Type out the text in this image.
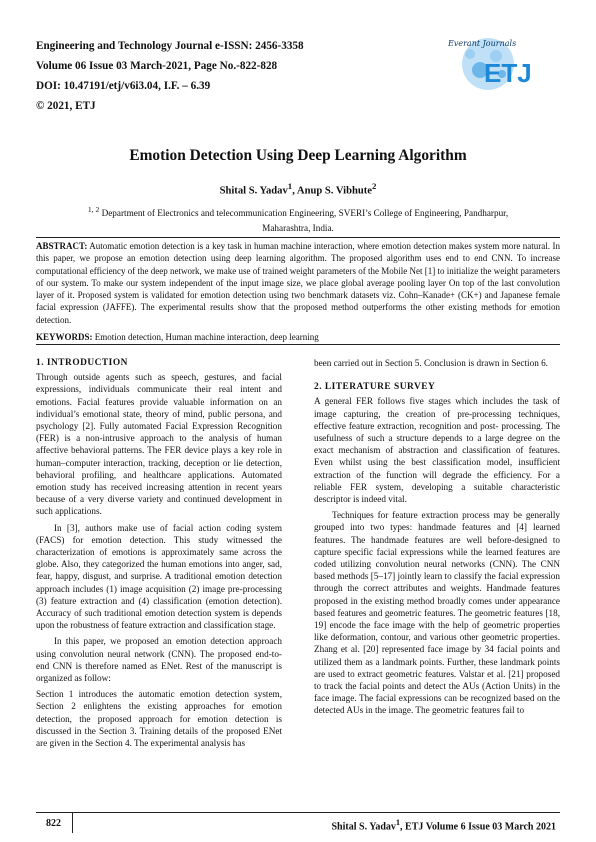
Engineering and Technology Journal e-ISSN: 2456-3358
Volume 06 Issue 03 March-2021, Page No.-822-828
DOI: 10.47191/etj/v6i3.04, I.F. – 6.39
© 2021, ETJ
Everant Journals
ETJ
Emotion Detection Using Deep Learning Algorithm
Shital S. Yadav$^1$, Anup S. Vibhute$^2$
$^{1, 2}$ Department of Electronics and telecommunication Engineering, SVERI’s College of Engineering, Pandharpur, Maharashtra, India.
ABSTRACT: Automatic emotion detection is a key task in human machine interaction, where emotion detection makes system more natural. In this paper, we propose an emotion detection using deep learning algorithm. The proposed algorithm uses end to end CNN. To increase computational efficiency of the deep network, we make use of trained weight parameters of the Mobile Net [1] to initialize the weight parameters of our system. To make our system independent of the input image size, we place global average pooling layer On top of the last convolution layer of it. Proposed system is validated for emotion detection using two benchmark datasets viz. Cohn–Kanade+ (CK+) and Japanese female facial expression (JAFFE). The experimental results show that the proposed method outperforms the other existing methods for emotion detection.
KEYWORDS: Emotion detection, Human machine interaction, deep learning
1. INTRODUCTION

Through outside agents such as speech, gestures, and facial expressions, individuals communicate their real intent and emotions. Facial features provide valuable information on an individual’s emotional state, theory of mind, public persona, and psychology [2]. Fully automated Facial Expression Recognition (FER) is a non-intrusive approach to the analysis of human affective behavioral patterns. The FER device plays a key role in human–computer interaction, tracking, deception or lie detection, behavioral profiling, and healthcare applications. Automated emotion study has received increasing attention in recent years because of a very diverse variety and continued development in such applications.

In [3], authors make use of facial action coding system (FACS) for emotion detection. This study witnessed the characterization of emotions is approximately same across the globe. Also, they categorized the human emotions into anger, sad, fear, happy, disgust, and surprise. A traditional emotion detection approach includes (1) image acquisition (2) image pre-processing (3) feature extraction and (4) classification (emotion detection). Accuracy of such traditional emotion detection system is depends upon the robustness of feature extraction and classification stage.

In this paper, we proposed an emotion detection approach using convolution neural network (CNN). The proposed end-to-end CNN is therefore named as ENet. Rest of the manuscript is organized as follow:

Section 1 introduces the automatic emotion detection system, Section 2 enlightens the existing approaches for emotion detection, the proposed approach for emotion detection is discussed in the Section 3. Training details of the proposed ENet are given in the Section 4. The experimental analysis has

been carried out in Section 5. Conclusion is drawn in Section 6.

2. LITERATURE SURVEY

A general FER follows five stages which includes the task of image capturing, the creation of pre-processing techniques, effective feature extraction, recognition and post- processing. The usefulness of such a structure depends to a large degree on the exact mechanism of abstraction and classification of features. Even whilst using the best classification model, insufficient extraction of the function will degrade the efficiency. For a reliable FER system, developing a suitable characteristic descriptor is indeed vital.

Techniques for feature extraction process may be generally grouped into two types: handmade features and [4] learned features. The handmade features are well before-designed to capture specific facial expressions while the learned features are coded utilizing convolution neural networks (CNN). The CNN based methods [5–17] jointly learn to classify the facial expression through the correct attributes and weights. Handmade features proposed in the existing method broadly comes under appearance based features and geometric features. The geometric features [18, 19] encode the face image with the help of geometric properties like deformation, contour, and various other geometric properties. Zhang et al. [20] represented face image by 34 facial points and utilized them as a landmark points. Further, these landmark points are used to extract geometric features. Valstar et al. [21] proposed to track the facial points and detect the AUs (Action Units) in the face image. The facial expressions can be recognized based on the detected AUs in the image. The geometric features fail to

822	Shital S. Yadav$^1$, ETJ Volume 6 Issue 03 March 2021
